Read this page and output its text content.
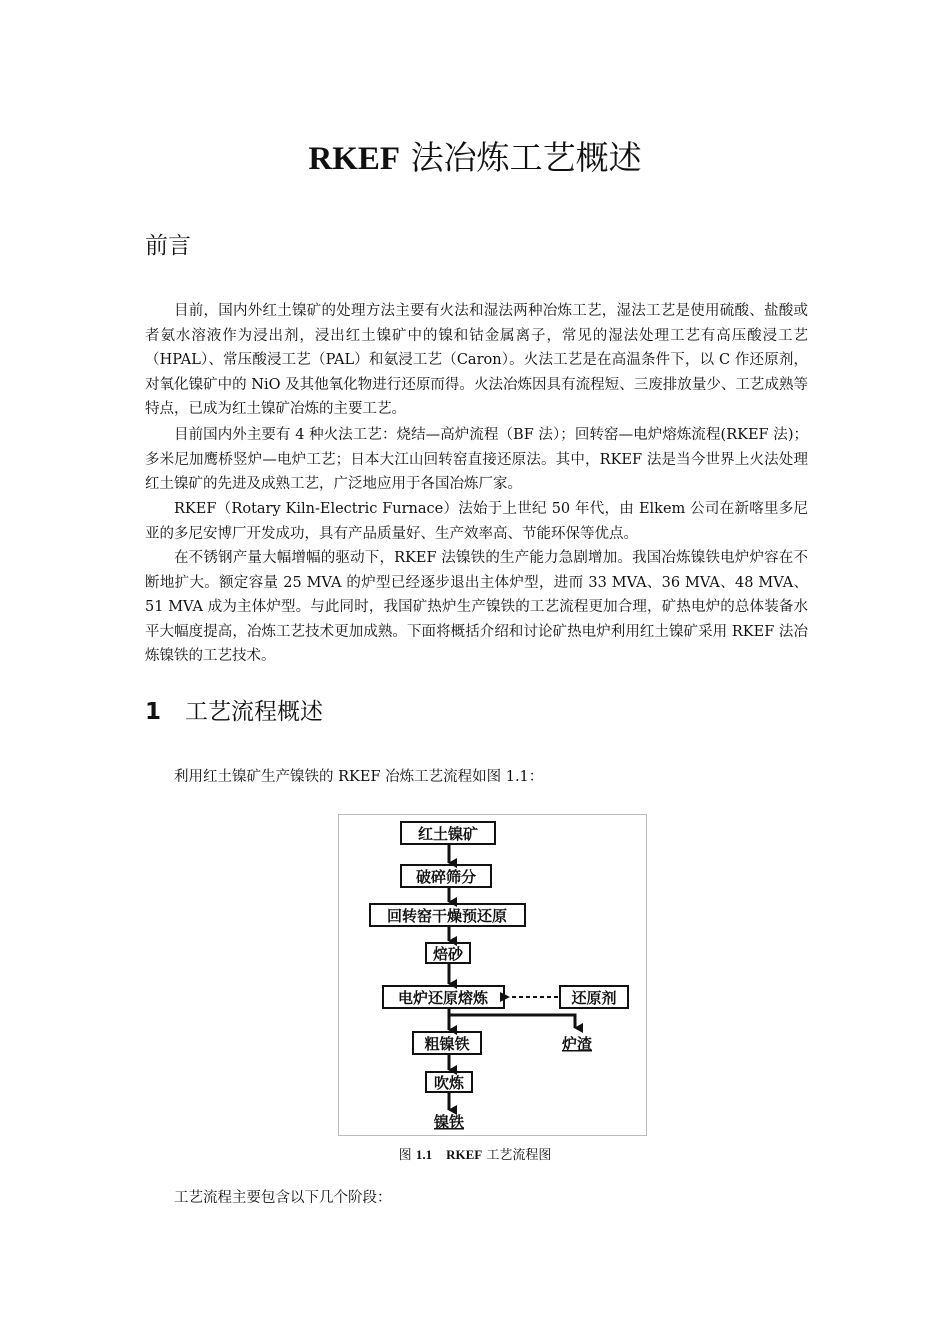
RKEF 法冶炼工艺概述
前言

目前，国内外红土镍矿的处理方法主要有火法和湿法两种冶炼工艺，湿法工艺是使用硫酸、盐酸或者氨水溶液作为浸出剂，浸出红土镍矿中的镍和钴金属离子，常见的湿法处理工艺有高压酸浸工艺（HPAL）、常压酸浸工艺（PAL）和氨浸工艺（Caron）。火法工艺是在高温条件下，以 C 作还原剂，对氧化镍矿中的 NiO 及其他氧化物进行还原而得。火法冶炼因具有流程短、三废排放量少、工艺成熟等特点，已成为红土镍矿冶炼的主要工艺。

目前国内外主要有 4 种火法工艺：烧结—高炉流程（BF 法）；回转窑—电炉熔炼流程(RKEF 法)；多米尼加鹰桥竖炉—电炉工艺；日本大江山回转窑直接还原法。其中，RKEF 法是当今世界上火法处理红土镍矿的先进及成熟工艺，广泛地应用于各国冶炼厂家。

RKEF（Rotary Kiln-Electric Furnace）法始于上世纪 50 年代，由 Elkem 公司在新喀里多尼亚的多尼安博厂开发成功，具有产品质量好、生产效率高、节能环保等优点。

在不锈钢产量大幅增幅的驱动下，RKEF 法镍铁的生产能力急剧增加。我国冶炼镍铁电炉炉容在不断地扩大。额定容量 25 MVA 的炉型已经逐步退出主体炉型，进而 33 MVA、36 MVA、48 MVA、51 MVA 成为主体炉型。与此同时，我国矿热炉生产镍铁的工艺流程更加合理，矿热电炉的总体装备水平大幅度提高，冶炼工艺技术更加成熟。下面将概括介绍和讨论矿热电炉利用红土镍矿采用 RKEF 法冶炼镍铁的工艺技术。

1 工艺流程概述

利用红土镍矿生产镍铁的 RKEF 冶炼工艺流程如图 1.1：

红土镍矿
破碎筛分
回转窑干燥预还原
焙砂
电炉还原熔炼	还原剂
粗镍铁	炉渣
吹炼
镍铁
图 1.1 RKEF 工艺流程图

工艺流程主要包含以下几个阶段：
